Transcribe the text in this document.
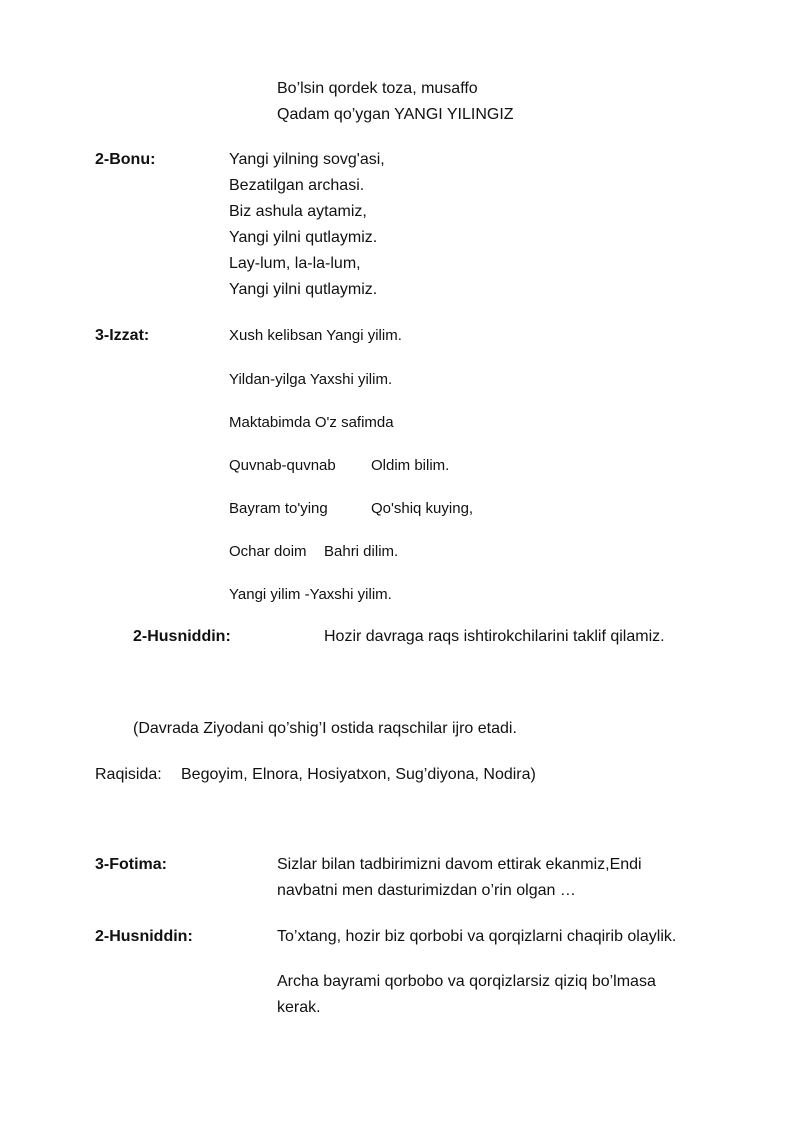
Bo’lsin qordek toza, musaffo
Qadam qo’ygan YANGI YILINGIZ
2-Bonu:	Yangi yilning sovg'asi,
Bezatilgan archasi.
Biz ashula aytamiz,
Yangi yilni qutlaymiz.
Lay-lum, la-la-lum,
Yangi yilni qutlaymiz.
3-Izzat:	Xush kelibsan Yangi yilim.
Yildan-yilga Yaxshi yilim.
Maktabimda O'z safimda
Quvnab-quvnab Oldim bilim.
Bayram to'ying	Qo'shiq kuying,
Ochar doim Bahri dilim.
Yangi yilim -Yaxshi yilim.
2-Husniddin:	Hozir davraga raqs ishtirokchilarini taklif qilamiz.
(Davrada Ziyodani qo’shig’I ostida raqschilar ijro etadi.
Raqisida: Begoyim, Elnora, Hosiyatxon, Sug’diyona, Nodira)
3-Fotima:	Sizlar bilan tadbirimizni davom ettirak ekanmiz,Endi
navbatni men dasturimizdan o’rin olgan …
2-Husniddin:	To’xtang, hozir biz qorbobi va qorqizlarni chaqirib olaylik.
Archa bayrami qorbobo va qorqizlarsiz qiziq bo’lmasa
kerak.
